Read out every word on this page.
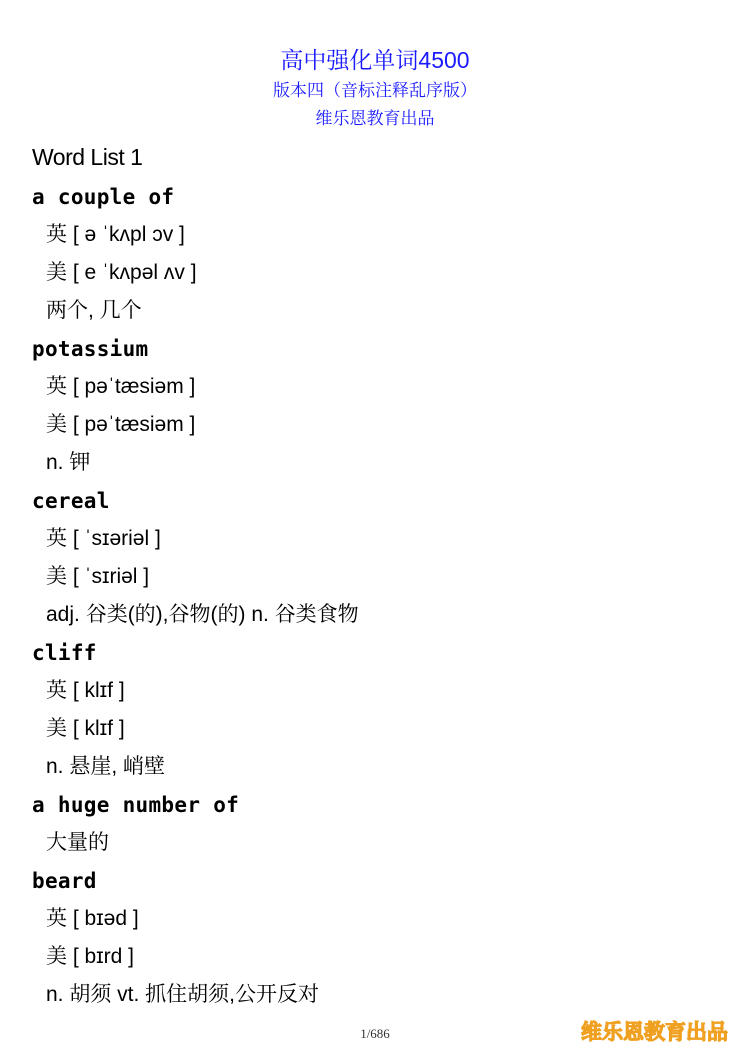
高中强化单词4500
版本四（音标注释乱序版）
维乐恩教育出品
Word List 1
a couple of
英 [ ə ˈkʌpl ɔv ]
美 [ e ˈkʌpəl ʌv ]
两个, 几个
potassium
英 [ pəˈtæsiəm ]
美 [ pəˈtæsiəm ]
n. 钾
cereal
英 [ ˈsɪəriəl ]
美 [ ˈsɪriəl ]
adj. 谷类(的),谷物(的) n. 谷类食物
cliff
英 [ klɪf ]
美 [ klɪf ]
n. 悬崖, 峭壁
a huge number of
大量的
beard
英 [ bɪəd ]
美 [ bɪrd ]
n. 胡须 vt. 抓住胡须,公开反对
1/686	维乐恩教育出品
